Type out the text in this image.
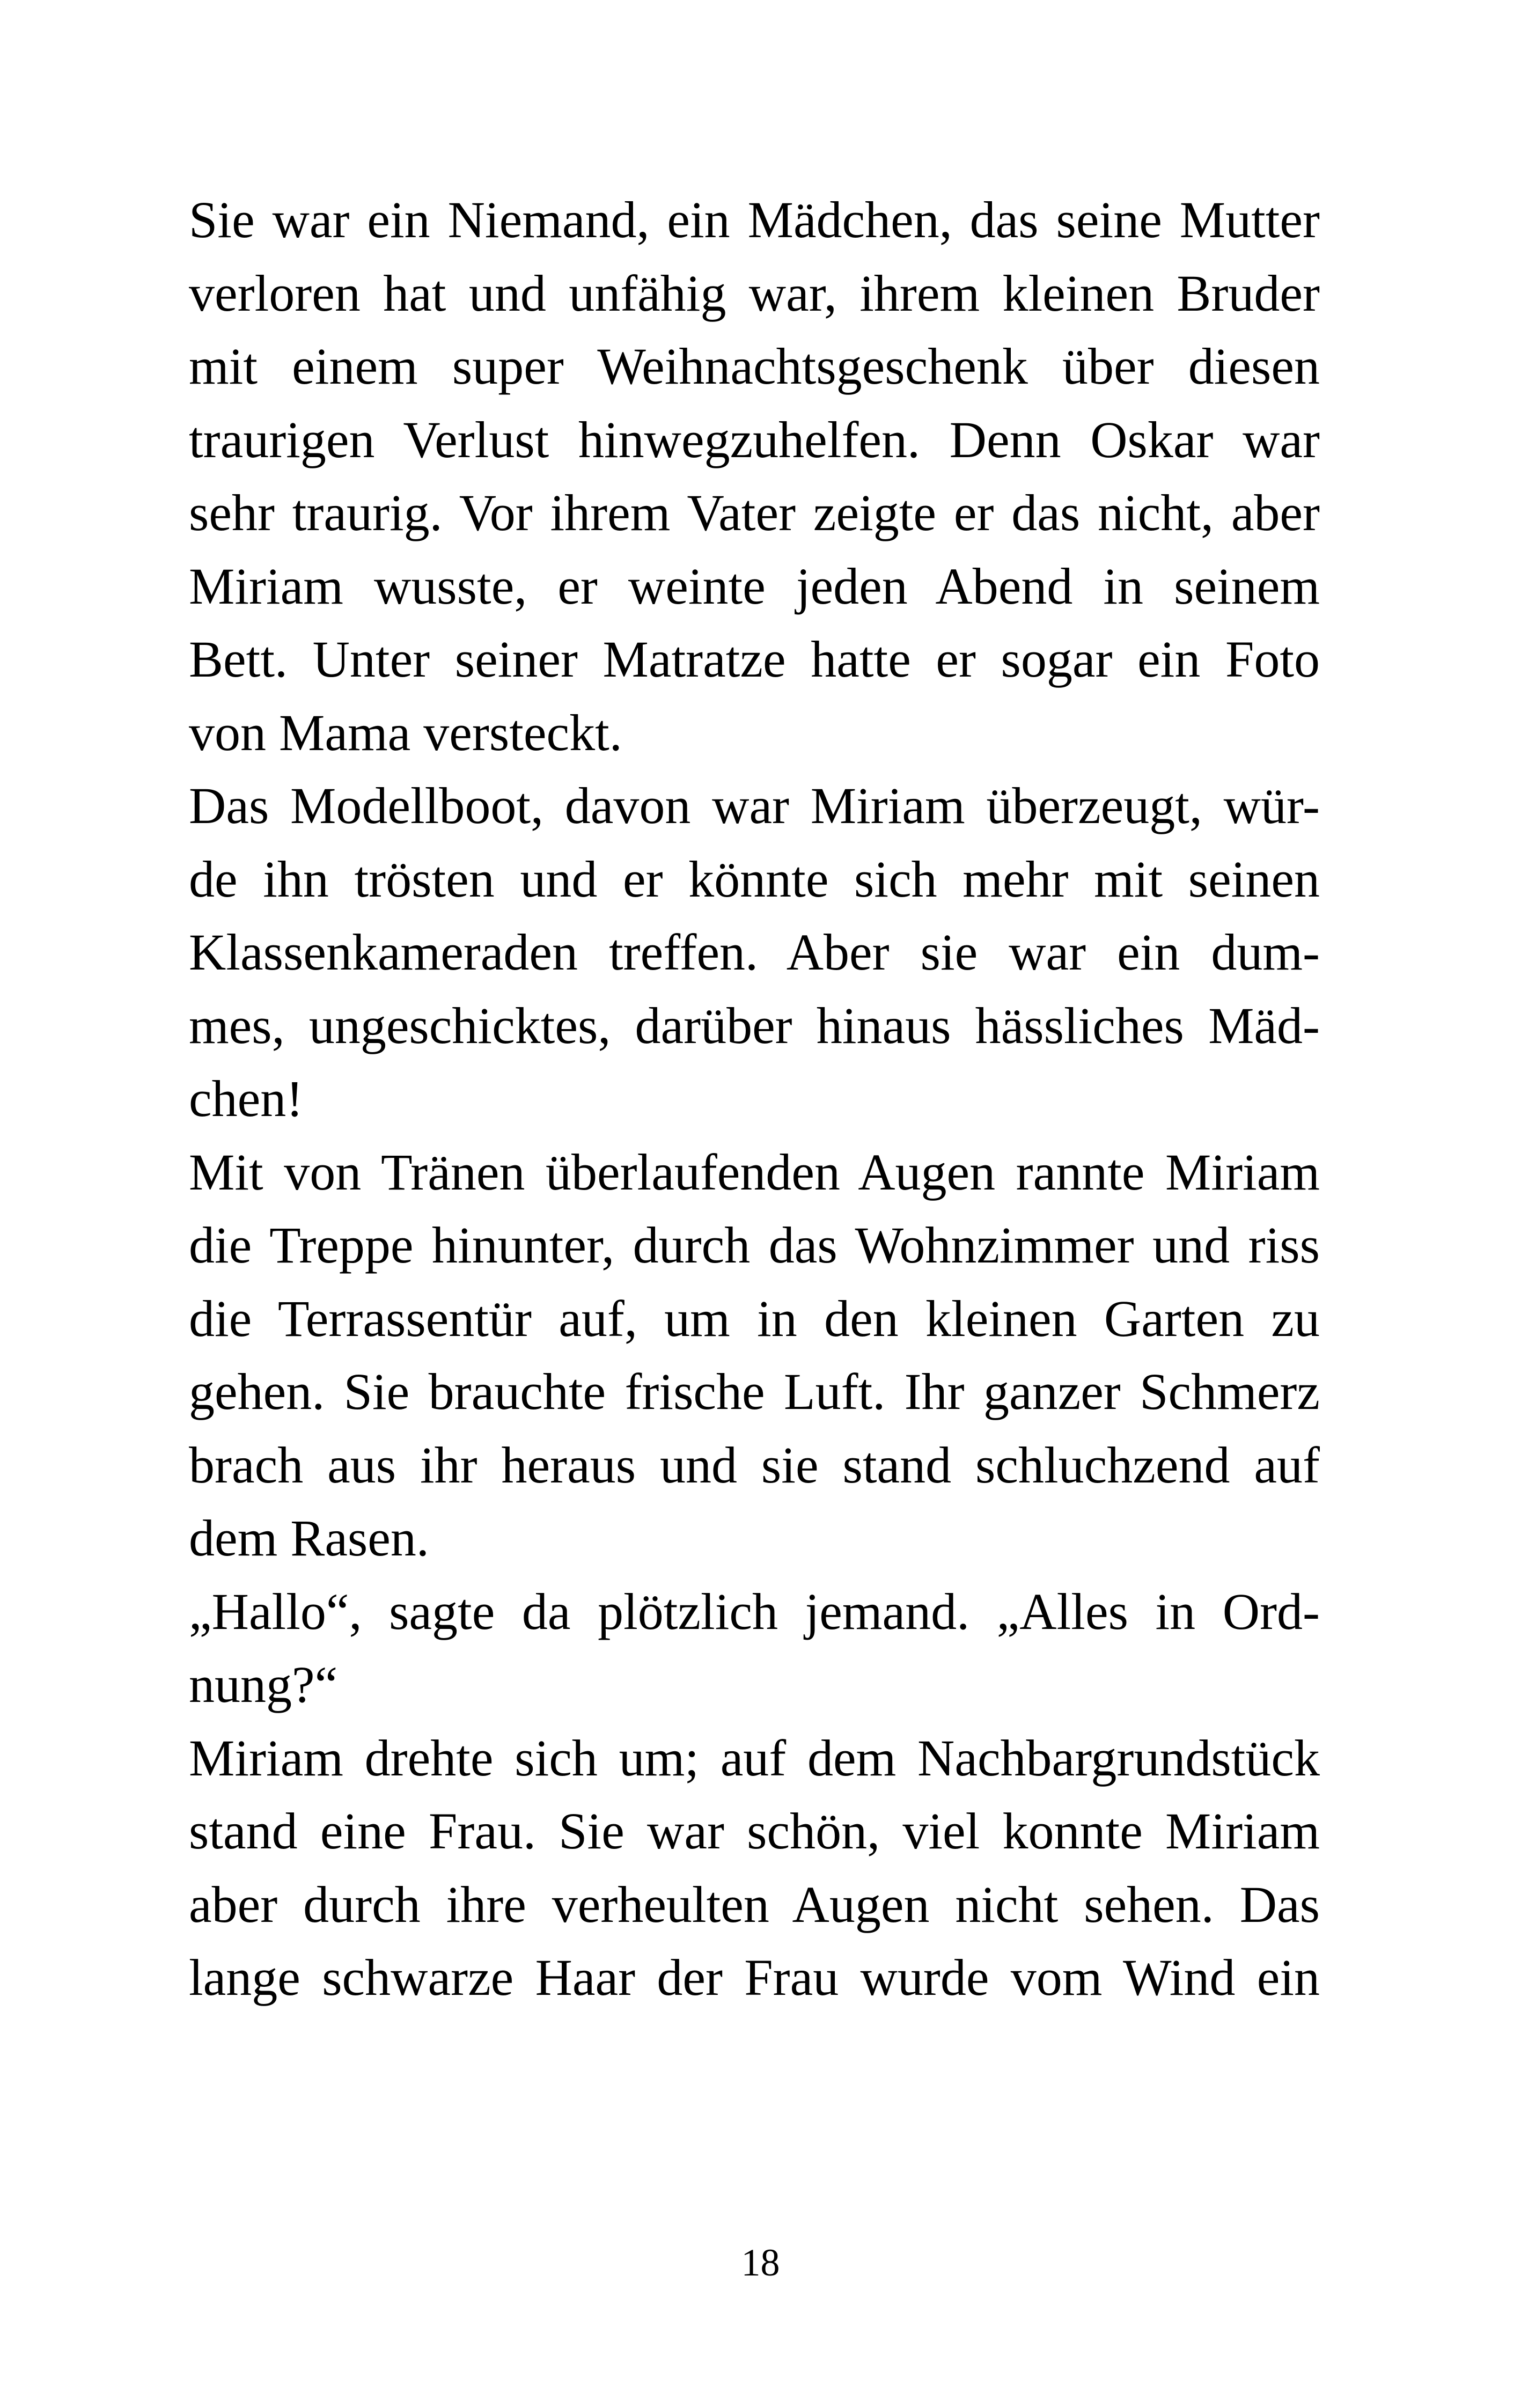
Sie war ein Niemand, ein Mädchen, das seine Mutter
verloren hat und unfähig war, ihrem kleinen Bruder
mit einem super Weihnachtsgeschenk über diesen
traurigen Verlust hinwegzuhelfen. Denn Oskar war
sehr traurig. Vor ihrem Vater zeigte er das nicht, aber
Miriam wusste, er weinte jeden Abend in seinem
Bett. Unter seiner Matratze hatte er sogar ein Foto
von Mama versteckt.
Das Modellboot, davon war Miriam überzeugt, wür-
de ihn trösten und er könnte sich mehr mit seinen
Klassenkameraden treffen. Aber sie war ein dum-
mes, ungeschicktes, darüber hinaus hässliches Mäd-
chen!
Mit von Tränen überlaufenden Augen rannte Miriam
die Treppe hinunter, durch das Wohnzimmer und riss
die Terrassentür auf, um in den kleinen Garten zu
gehen. Sie brauchte frische Luft. Ihr ganzer Schmerz
brach aus ihr heraus und sie stand schluchzend auf
dem Rasen.
„Hallo“, sagte da plötzlich jemand. „Alles in Ord-
nung?“
Miriam drehte sich um; auf dem Nachbargrundstück
stand eine Frau. Sie war schön, viel konnte Miriam
aber durch ihre verheulten Augen nicht sehen. Das
lange schwarze Haar der Frau wurde vom Wind ein
18
